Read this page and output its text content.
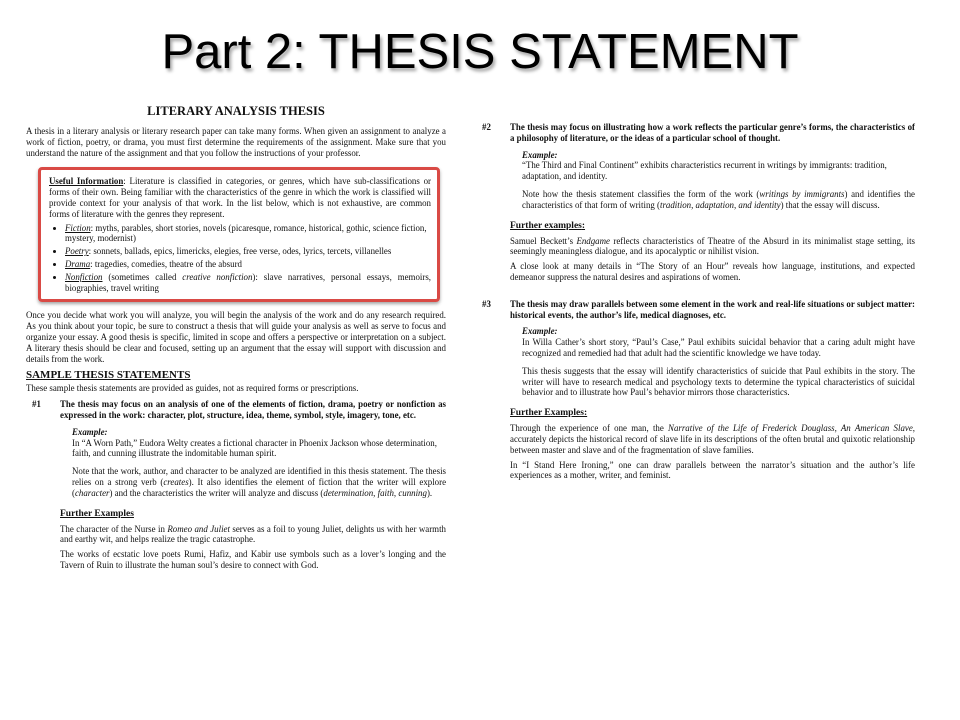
Part 2: THESIS STATEMENT

LITERARY ANALYSIS THESIS

A thesis in a literary analysis or literary research paper can take many forms. When given an assignment to analyze a work of fiction, poetry, or drama, you must first determine the requirements of the assignment. Make sure that you understand the nature of the assignment and that you follow the instructions of your professor.

Useful Information: Literature is classified in categories, or genres, which have sub-classifications or forms of their own. Being familiar with the characteristics of the genre in which the work is classified will provide context for your analysis of that work. In the list below, which is not exhaustive, are common forms of literature with the genres they represent.

• Fiction: myths, parables, short stories, novels (picaresque, romance, historical, gothic, science fiction, mystery, modernist)
• Poetry: sonnets, ballads, epics, limericks, elegies, free verse, odes, lyrics, tercets, villanelles
• Drama: tragedies, comedies, theatre of the absurd
• Nonfiction (sometimes called creative nonfiction): slave narratives, personal essays, memoirs, biographies, travel writing

Once you decide what work you will analyze, you will begin the analysis of the work and do any research required. As you think about your topic, be sure to construct a thesis that will guide your analysis as well as serve to focus and organize your essay. A good thesis is specific, limited in scope and offers a perspective or interpretation on a subject. A literary thesis should be clear and focused, setting up an argument that the essay will support with discussion and details from the work.

SAMPLE THESIS STATEMENTS

These sample thesis statements are provided as guides, not as required forms or prescriptions.

#1	The thesis may focus on an analysis of one of the elements of fiction, drama, poetry or nonfiction as expressed in the work: character, plot, structure, idea, theme, symbol, style, imagery, tone, etc.

Example:

In “A Worn Path,” Eudora Welty creates a fictional character in Phoenix Jackson whose determination, faith, and cunning illustrate the indomitable human spirit.

Note that the work, author, and character to be analyzed are identified in this thesis statement. The thesis relies on a strong verb (creates). It also identifies the element of fiction that the writer will explore (character) and the characteristics the writer will analyze and discuss (determination, faith, cunning).

Further Examples

The character of the Nurse in Romeo and Juliet serves as a foil to young Juliet, delights us with her warmth and earthy wit, and helps realize the tragic catastrophe.

The works of ecstatic love poets Rumi, Hafiz, and Kabir use symbols such as a lover’s longing and the Tavern of Ruin to illustrate the human soul’s desire to connect with God.

#2	The thesis may focus on illustrating how a work reflects the particular genre’s forms, the characteristics of a philosophy of literature, or the ideas of a particular school of thought.

Example:

“The Third and Final Continent” exhibits characteristics recurrent in writings by immigrants: tradition, adaptation, and identity.

Note how the thesis statement classifies the form of the work (writings by immigrants) and identifies the characteristics of that form of writing (tradition, adaptation, and identity) that the essay will discuss.

Further examples:

Samuel Beckett’s Endgame reflects characteristics of Theatre of the Absurd in its minimalist stage setting, its seemingly meaningless dialogue, and its apocalyptic or nihilist vision.

A close look at many details in “The Story of an Hour” reveals how language, institutions, and expected demeanor suppress the natural desires and aspirations of women.

#3	The thesis may draw parallels between some element in the work and real-life situations or subject matter: historical events, the author’s life, medical diagnoses, etc.

Example:

In Willa Cather’s short story, “Paul’s Case,” Paul exhibits suicidal behavior that a caring adult might have recognized and remedied had that adult had the scientific knowledge we have today.

This thesis suggests that the essay will identify characteristics of suicide that Paul exhibits in the story. The writer will have to research medical and psychology texts to determine the typical characteristics of suicidal behavior and to illustrate how Paul’s behavior mirrors those characteristics.

Further Examples:

Through the experience of one man, the Narrative of the Life of Frederick Douglass, An American Slave, accurately depicts the historical record of slave life in its descriptions of the often brutal and quixotic relationship between master and slave and of the fragmentation of slave families.

In “I Stand Here Ironing,” one can draw parallels between the narrator’s situation and the author’s life experiences as a mother, writer, and feminist.
